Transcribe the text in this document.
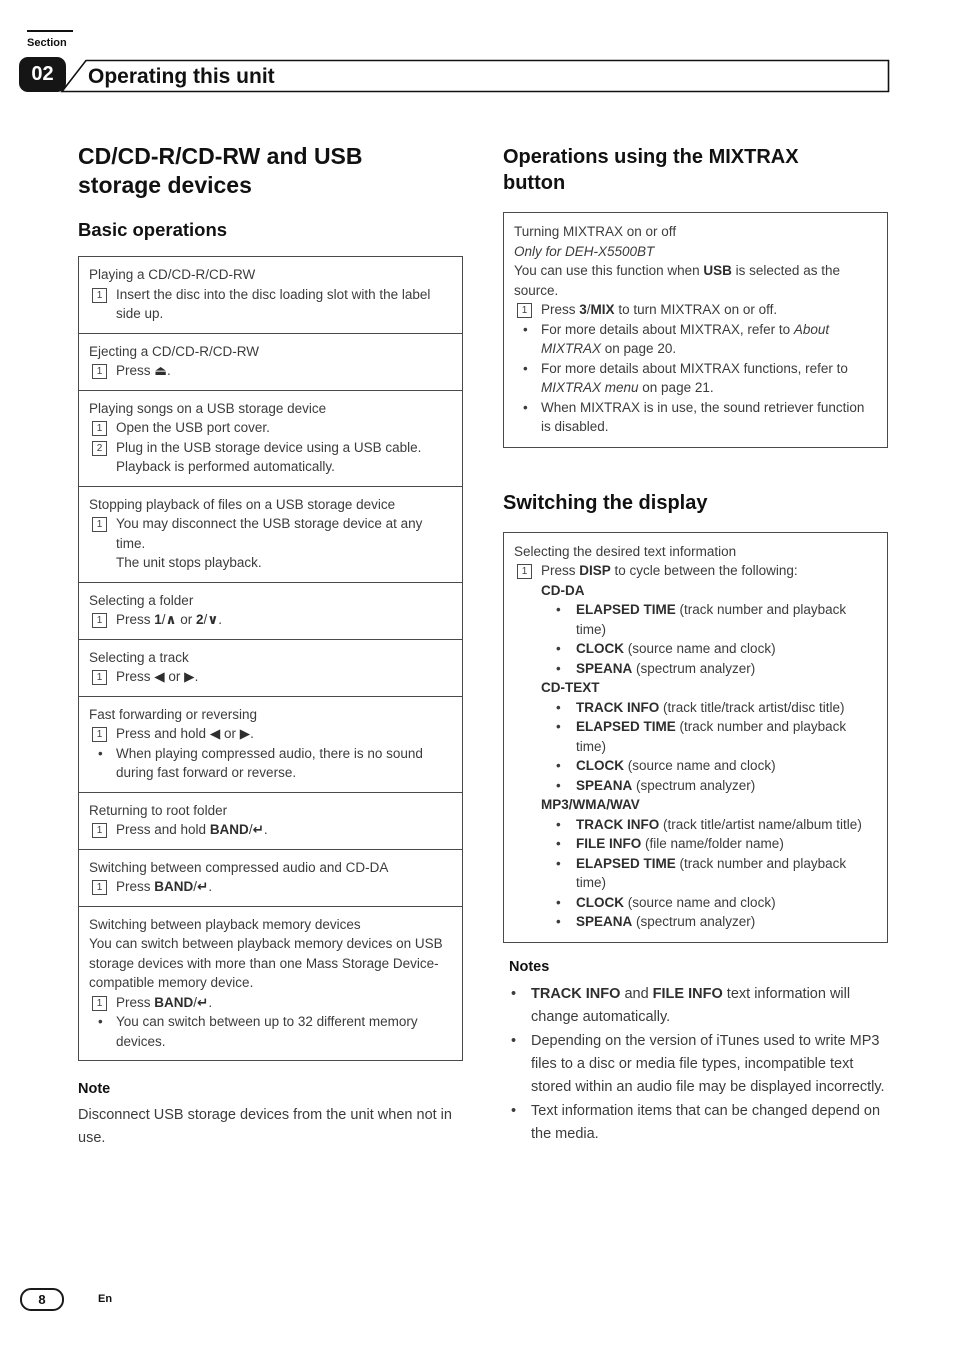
Section
02	Operating this unit
CD/CD-R/CD-RW and USB storage devices
Basic operations
Playing a CD/CD-R/CD-RW
1	Insert the disc into the disc loading slot with the label side up.
Ejecting a CD/CD-R/CD-RW
1	Press ⏏.
Playing songs on a USB storage device
1	Open the USB port cover.
2	Plug in the USB storage device using a USB cable.
Playback is performed automatically.
Stopping playback of files on a USB storage device
1	You may disconnect the USB storage device at any time.
The unit stops playback.
Selecting a folder
1	Press 1/∧ or 2/∨.
Selecting a track
1	Press ◀ or ▶.
Fast forwarding or reversing
1	Press and hold ◀ or ▶.
• When playing compressed audio, there is no sound during fast forward or reverse.
Returning to root folder
1	Press and hold BAND/↵.
Switching between compressed audio and CD-DA
1	Press BAND/↵.
Switching between playback memory devices
You can switch between playback memory devices on USB storage devices with more than one Mass Storage Device-compatible memory device.
1	Press BAND/↵.
• You can switch between up to 32 different memory devices.
Note
Disconnect USB storage devices from the unit when not in use.
Operations using the MIXTRAX button
Turning MIXTRAX on or off
Only for DEH-X5500BT
You can use this function when USB is selected as the source.
1	Press 3/MIX to turn MIXTRAX on or off.
• For more details about MIXTRAX, refer to About MIXTRAX on page 20.
• For more details about MIXTRAX functions, refer to MIXTRAX menu on page 21.
• When MIXTRAX is in use, the sound retriever function is disabled.
Switching the display
Selecting the desired text information
1	Press DISP to cycle between the following:
CD-DA
• ELAPSED TIME (track number and playback time)
• CLOCK (source name and clock)
• SPEANA (spectrum analyzer)
CD-TEXT
• TRACK INFO (track title/track artist/disc title)
• ELAPSED TIME (track number and playback time)
• CLOCK (source name and clock)
• SPEANA (spectrum analyzer)
MP3/WMA/WAV
• TRACK INFO (track title/artist name/album title)
• FILE INFO (file name/folder name)
• ELAPSED TIME (track number and playback time)
• CLOCK (source name and clock)
• SPEANA (spectrum analyzer)
Notes
• TRACK INFO and FILE INFO text information will change automatically.
• Depending on the version of iTunes used to write MP3 files to a disc or media file types, incompatible text stored within an audio file may be displayed incorrectly.
• Text information items that can be changed depend on the media.
8	En
